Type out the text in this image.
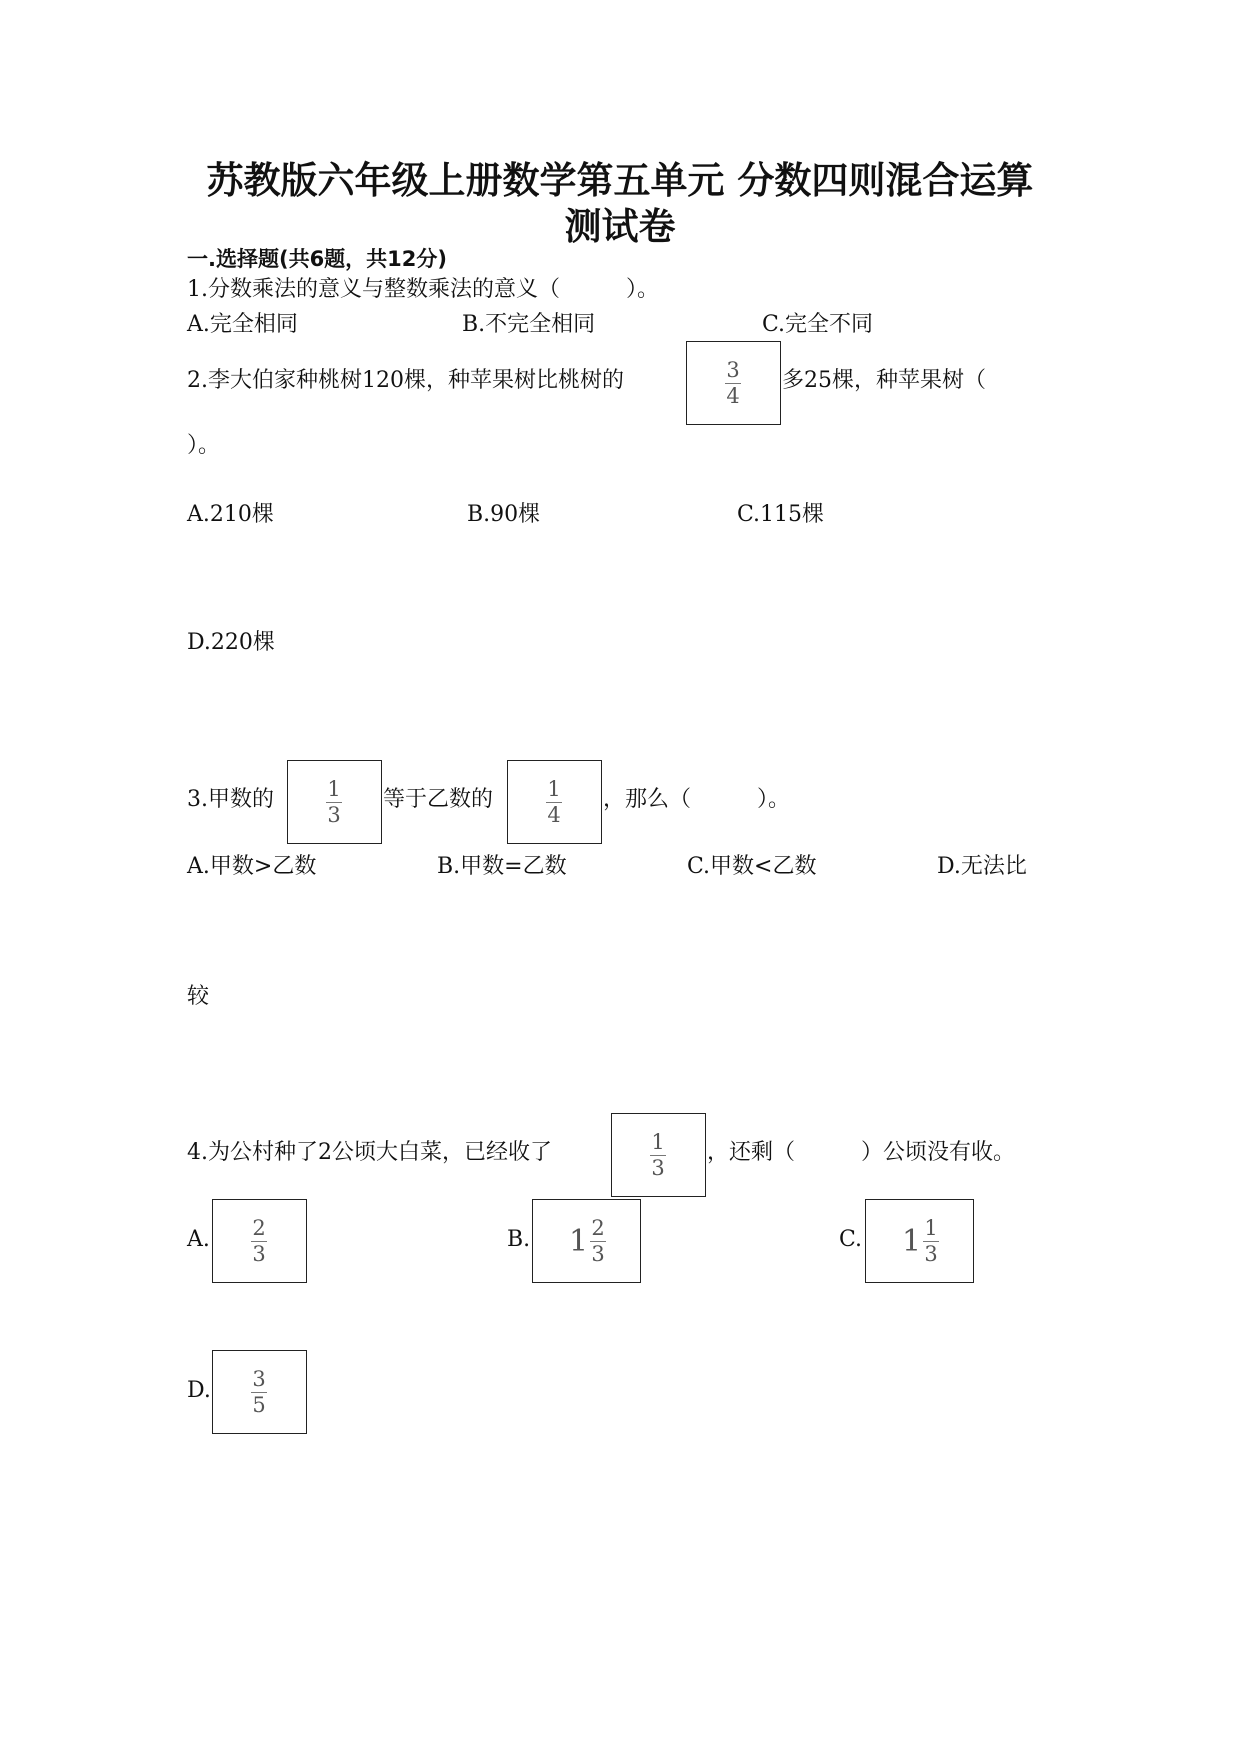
苏教版六年级上册数学第五单元 分数四则混合运算
测试卷
一.选择题(共6题，共12分)
1.分数乘法的意义与整数乘法的意义（　　　）。
A.完全相同	B.不完全相同	C.完全不同
2.李大伯家种桃树120棵，种苹果树比桃树的	3
4
多25棵，种苹果树（
）。
A.210棵	B.90棵	C.115棵
D.220棵
3.甲数的	1
3
等于乙数的	1
4
，那么（　　　）。
A.甲数>乙数	B.甲数=乙数	C.甲数<乙数	D.无法比
较
4.为公村种了2公顷大白菜，已经收了	1
3
，还剩（　　　）公顷没有收。
A. 2
3
B. $1 \frac{2}{3}$	C. $1 \frac{1}{3}$
D. 3
5
